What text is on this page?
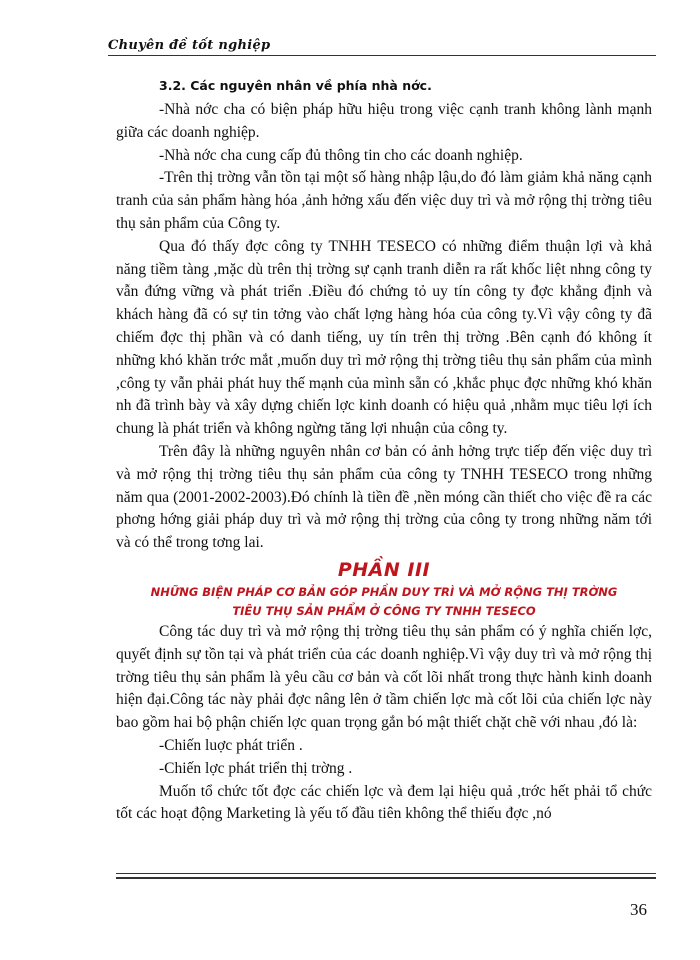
Chuyên đề tốt nghiệp
3.2. Các nguyên nhân về phía nhà nớc.

-Nhà nớc cha có biện pháp hữu hiệu trong việc cạnh tranh không lành mạnh giữa các doanh nghiệp.

-Nhà nớc cha cung cấp đủ thông tin cho các doanh nghiệp.

-Trên thị trờng vẫn tồn tại một số hàng nhập lậu,do đó làm giảm khả năng cạnh tranh của sản phẩm hàng hóa ,ảnh hởng xấu đến việc duy trì và mở rộng thị trờng tiêu thụ sản phẩm của Công ty.

Qua đó thấy đợc công ty TNHH TESECO có những điểm thuận lợi và khả năng tiềm tàng ,mặc dù trên thị trờng sự cạnh tranh diễn ra rất khốc liệt nhng công ty vẫn đứng vững và phát triển .Điều đó chứng tỏ uy tín công ty đợc khẳng định và khách hàng đã có sự tin tởng vào chất lợng hàng hóa của công ty.Vì vậy công ty đã chiếm đợc thị phần và có danh tiếng, uy tín trên thị trờng .Bên cạnh đó không ít những khó khăn trớc mắt ,muốn duy trì mở rộng thị trờng tiêu thụ sản phẩm của mình ,công ty vẫn phải phát huy thế mạnh của mình sẵn có ,khắc phục đợc những khó khăn nh đã trình bày và xây dựng chiến lợc kinh doanh có hiệu quả ,nhằm mục tiêu lợi ích chung là phát triển và không ngừng tăng lợi nhuận của công ty.

Trên đây là những nguyên nhân cơ bản có ảnh hởng trực tiếp đến việc duy trì và mở rộng thị trờng tiêu thụ sản phẩm của công ty TNHH TESECO trong những năm qua (2001-2002-2003).Đó chính là tiền đề ,nền móng cần thiết cho việc đề ra các phơng hớng giải pháp duy trì và mở rộng thị trờng của công ty trong những năm tới và có thể trong tơng lai.

PHẦN III
NHỮNG BIỆN PHÁP CƠ BẢN GÓP PHẦN DUY TRÌ VÀ MỞ RỘNG THỊ TRỜNG
TIÊU THỤ SẢN PHẨM Ở CÔNG TY TNHH TESECO

Công tác duy trì và mở rộng thị trờng tiêu thụ sản phẩm có ý nghĩa chiến lợc, quyết định sự tồn tại và phát triển của các doanh nghiệp.Vì vậy duy trì và mở rộng thị trờng tiêu thụ sản phẩm là yêu cầu cơ bản và cốt lõi nhất trong thực hành kinh doanh hiện đại.Công tác này phải đợc nâng lên ở tầm chiến lợc mà cốt lõi của chiến lợc này bao gồm hai bộ phận chiến lợc quan trọng gắn bó mật thiết chặt chẽ với nhau ,đó là:

-Chiến luợc phát triển .

-Chiến lợc phát triển thị trờng .

Muốn tổ chức tốt đợc các chiến lợc và đem lại hiệu quả ,trớc hết phải tổ chức tốt các hoạt động Marketing là yếu tố đầu tiên không thể thiếu đợc ,nó

36
